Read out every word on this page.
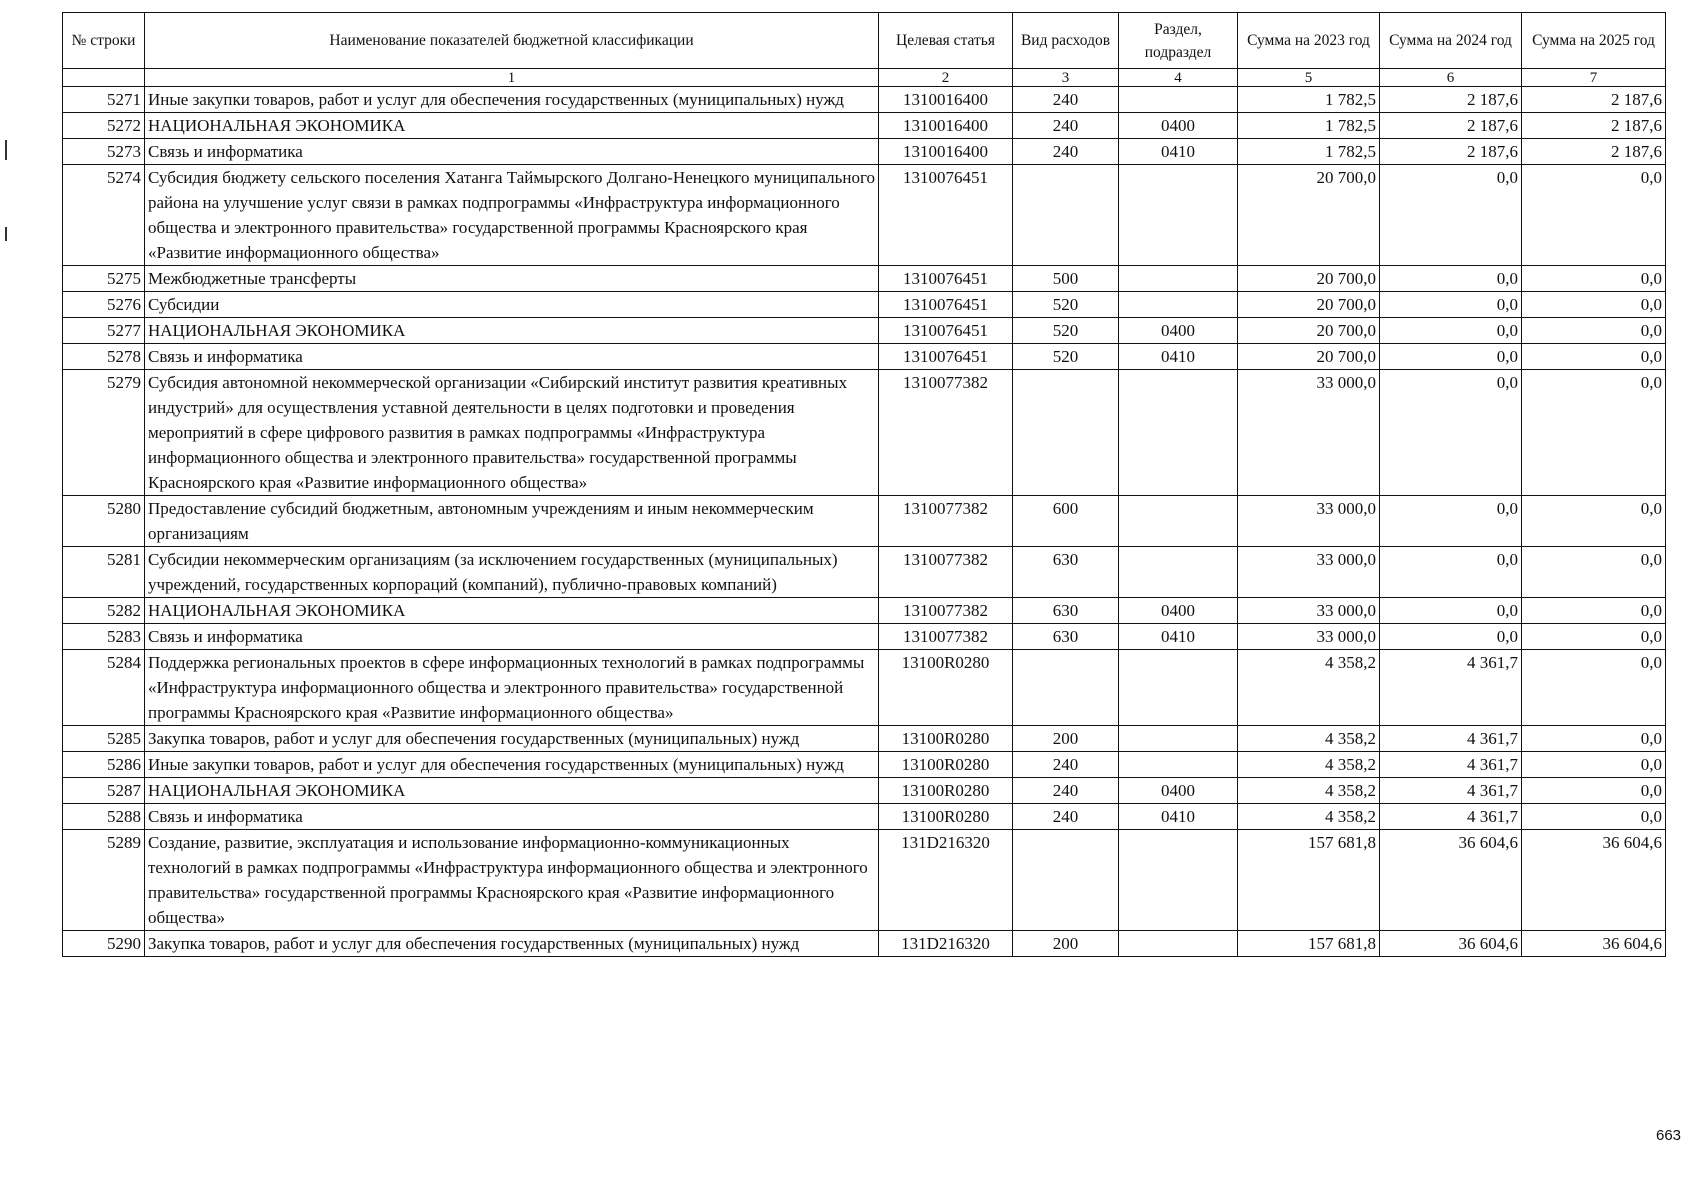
№ строки	Наименование показателей бюджетной классификации	Целевая статья	Вид расходов	Раздел, подраздел	Сумма на 2023 год	Сумма на 2024 год	Сумма на 2025 год
	1	2	3	4	5	6	7
5271	Иные закупки товаров, работ и услуг для обеспечения государственных (муниципальных) нужд	1310016400	240		1 782,5	2 187,6	2 187,6
5272	НАЦИОНАЛЬНАЯ ЭКОНОМИКА	1310016400	240	0400	1 782,5	2 187,6	2 187,6
5273	Связь и информатика	1310016400	240	0410	1 782,5	2 187,6	2 187,6
5274	Субсидия бюджету сельского поселения Хатанга Таймырского Долгано-Ненецкого муниципального района на улучшение услуг связи в рамках подпрограммы «Инфраструктура информационного общества и электронного правительства» государственной программы Красноярского края «Развитие информационного общества»	1310076451			20 700,0	0,0	0,0
5275	Межбюджетные трансферты	1310076451	500		20 700,0	0,0	0,0
5276	Субсидии	1310076451	520		20 700,0	0,0	0,0
5277	НАЦИОНАЛЬНАЯ ЭКОНОМИКА	1310076451	520	0400	20 700,0	0,0	0,0
5278	Связь и информатика	1310076451	520	0410	20 700,0	0,0	0,0
5279	Субсидия автономной некоммерческой организации «Сибирский институт развития креативных индустрий» для осуществления уставной деятельности в целях подготовки и проведения мероприятий в сфере цифрового развития в рамках подпрограммы «Инфраструктура информационного общества и электронного правительства» государственной программы Красноярского края «Развитие информационного общества»	1310077382			33 000,0	0,0	0,0
5280	Предоставление субсидий бюджетным, автономным учреждениям и иным некоммерческим организациям	1310077382	600		33 000,0	0,0	0,0
5281	Субсидии некоммерческим организациям (за исключением государственных (муниципальных) учреждений, государственных корпораций (компаний), публично-правовых компаний)	1310077382	630		33 000,0	0,0	0,0
5282	НАЦИОНАЛЬНАЯ ЭКОНОМИКА	1310077382	630	0400	33 000,0	0,0	0,0
5283	Связь и информатика	1310077382	630	0410	33 000,0	0,0	0,0
5284	Поддержка региональных проектов в сфере информационных технологий в рамках подпрограммы «Инфраструктура информационного общества и электронного правительства» государственной программы Красноярского края «Развитие информационного общества»	13100R0280			4 358,2	4 361,7	0,0
5285	Закупка товаров, работ и услуг для обеспечения государственных (муниципальных) нужд	13100R0280	200		4 358,2	4 361,7	0,0
5286	Иные закупки товаров, работ и услуг для обеспечения государственных (муниципальных) нужд	13100R0280	240		4 358,2	4 361,7	0,0
5287	НАЦИОНАЛЬНАЯ ЭКОНОМИКА	13100R0280	240	0400	4 358,2	4 361,7	0,0
5288	Связь и информатика	13100R0280	240	0410	4 358,2	4 361,7	0,0
5289	Создание, развитие, эксплуатация и использование информационно-коммуникационных технологий в рамках подпрограммы «Инфраструктура информационного общества и электронного правительства» государственной программы Красноярского края «Развитие информационного общества»	131D216320			157 681,8	36 604,6	36 604,6
5290	Закупка товаров, работ и услуг для обеспечения государственных (муниципальных) нужд	131D216320	200		157 681,8	36 604,6	36 604,6
663
